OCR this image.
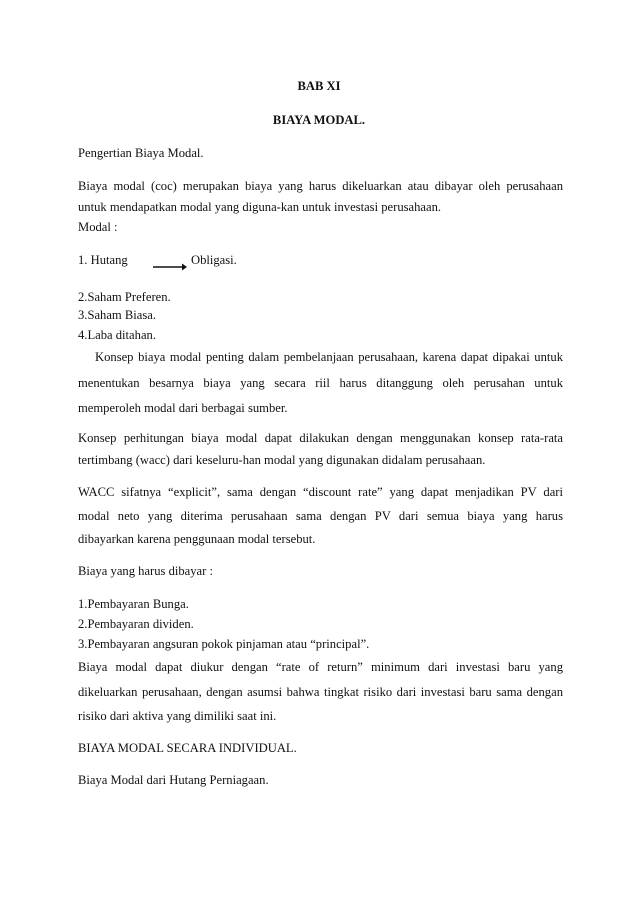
BAB XI
BIAYA MODAL.
Pengertian Biaya Modal.
Biaya modal (coc) merupakan biaya yang harus dikeluarkan atau dibayar oleh perusahaan
untuk mendapatkan modal yang diguna-kan untuk investasi perusahaan.
Modal :
1. Hutang	Obligasi.
2.Saham Preferen.
3.Saham Biasa.
4.Laba ditahan.
Konsep biaya modal penting dalam pembelanjaan perusahaan, karena dapat dipakai untuk
menentukan besarnya biaya yang secara riil harus ditanggung oleh perusahan untuk
memperoleh modal dari berbagai sumber.
Konsep perhitungan biaya modal dapat dilakukan dengan menggunakan konsep rata-rata
tertimbang (wacc) dari keseluru-han modal yang digunakan didalam perusahaan.
WACC sifatnya “explicit”, sama dengan “discount rate” yang dapat menjadikan PV dari
modal neto yang diterima perusahaan sama dengan PV dari semua biaya yang harus
dibayarkan karena penggunaan modal tersebut.
Biaya yang harus dibayar :
1.Pembayaran Bunga.
2.Pembayaran dividen.
3.Pembayaran angsuran pokok pinjaman atau “principal”.
Biaya modal dapat diukur dengan “rate of return” minimum dari investasi baru yang
dikeluarkan perusahaan, dengan asumsi bahwa tingkat risiko dari investasi baru sama dengan
risiko dari aktiva yang dimiliki saat ini.
BIAYA MODAL SECARA INDIVIDUAL.
Biaya Modal dari Hutang Perniagaan.
